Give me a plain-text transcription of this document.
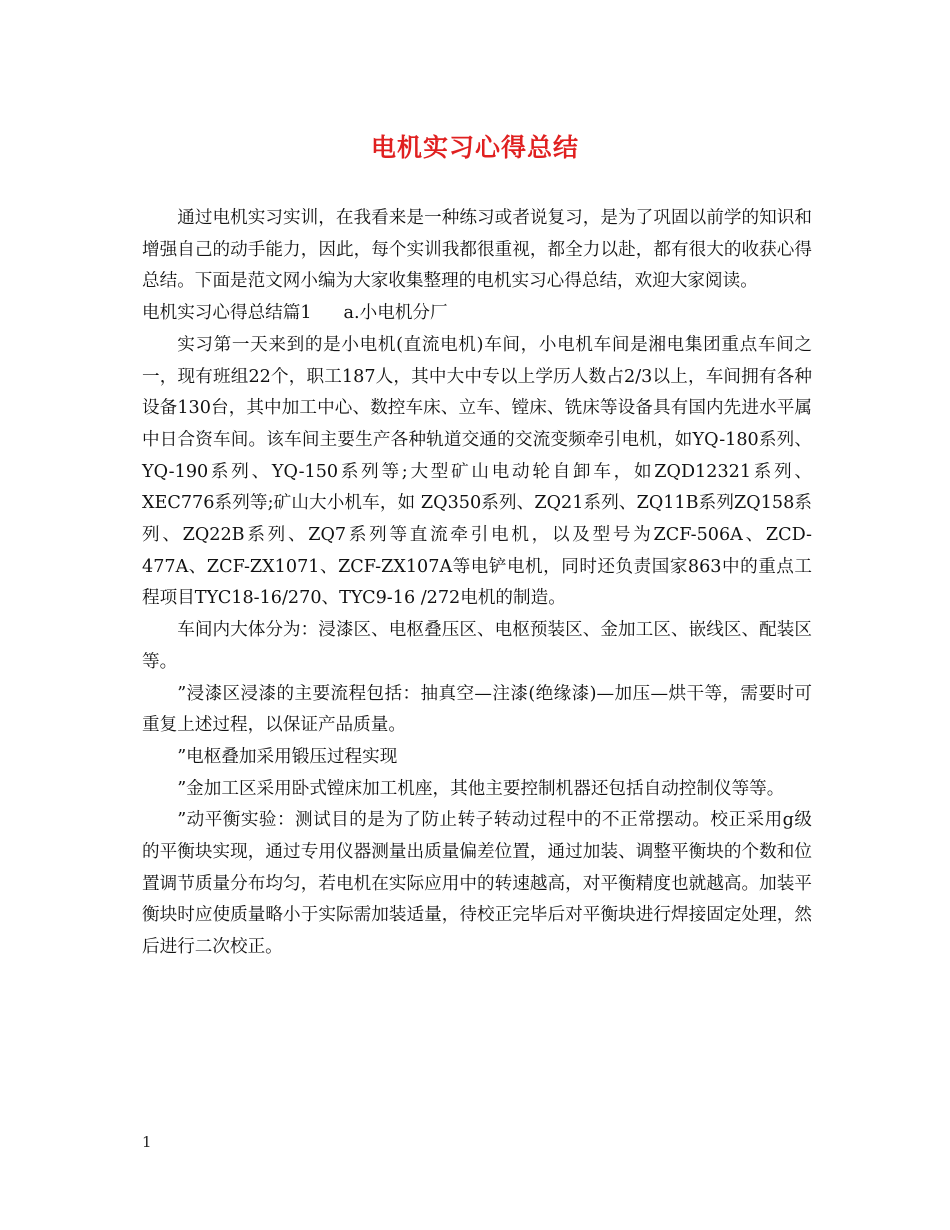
电机实习心得总结

通过电机实习实训，在我看来是一种练习或者说复习，是为了巩固以前学的知识和增强自己的动手能力，因此，每个实训我都很重视，都全力以赴，都有很大的收获心得总结。下面是范文网小编为大家收集整理的电机实习心得总结，欢迎大家阅读。

电机实习心得总结篇1 a.小电机分厂

实习第一天来到的是小电机(直流电机)车间，小电机车间是湘电集团重点车间之一，现有班组22个，职工187人，其中大中专以上学历人数占2/3以上，车间拥有各种设备130台，其中加工中心、数控车床、立车、镗床、铣床等设备具有国内先进水平属中日合资车间。该车间主要生产各种轨道交通的交流变频牵引电机，如YQ-180系列、YQ-190系列、YQ-150系列等;大型矿山电动轮自卸车，如ZQD12321系列、XEC776系列等;矿山大小机车，如 ZQ350系列、ZQ21系列、ZQ11B系列ZQ158系列、ZQ22B系列、ZQ7系列等直流牵引电机，以及型号为ZCF-506A、ZCD- 477A、ZCF-ZX1071、ZCF-ZX107A等电铲电机，同时还负责国家863中的重点工程项目TYC18-16/270、TYC9-16 /272电机的制造。

车间内大体分为：浸漆区、电枢叠压区、电枢预装区、金加工区、嵌线区、配装区等。

”浸漆区浸漆的主要流程包括：抽真空—注漆(绝缘漆)—加压—烘干等，需要时可重复上述过程，以保证产品质量。

”电枢叠加采用锻压过程实现

”金加工区采用卧式镗床加工机座，其他主要控制机器还包括自动控制仪等等。

”动平衡实验：测试目的是为了防止转子转动过程中的不正常摆动。校正采用g级的平衡块实现，通过专用仪器测量出质量偏差位置，通过加装、调整平衡块的个数和位置调节质量分布均匀，若电机在实际应用中的转速越高，对平衡精度也就越高。加装平衡块时应使质量略小于实际需加装适量，待校正完毕后对平衡块进行焊接固定处理，然后进行二次校正。

1
